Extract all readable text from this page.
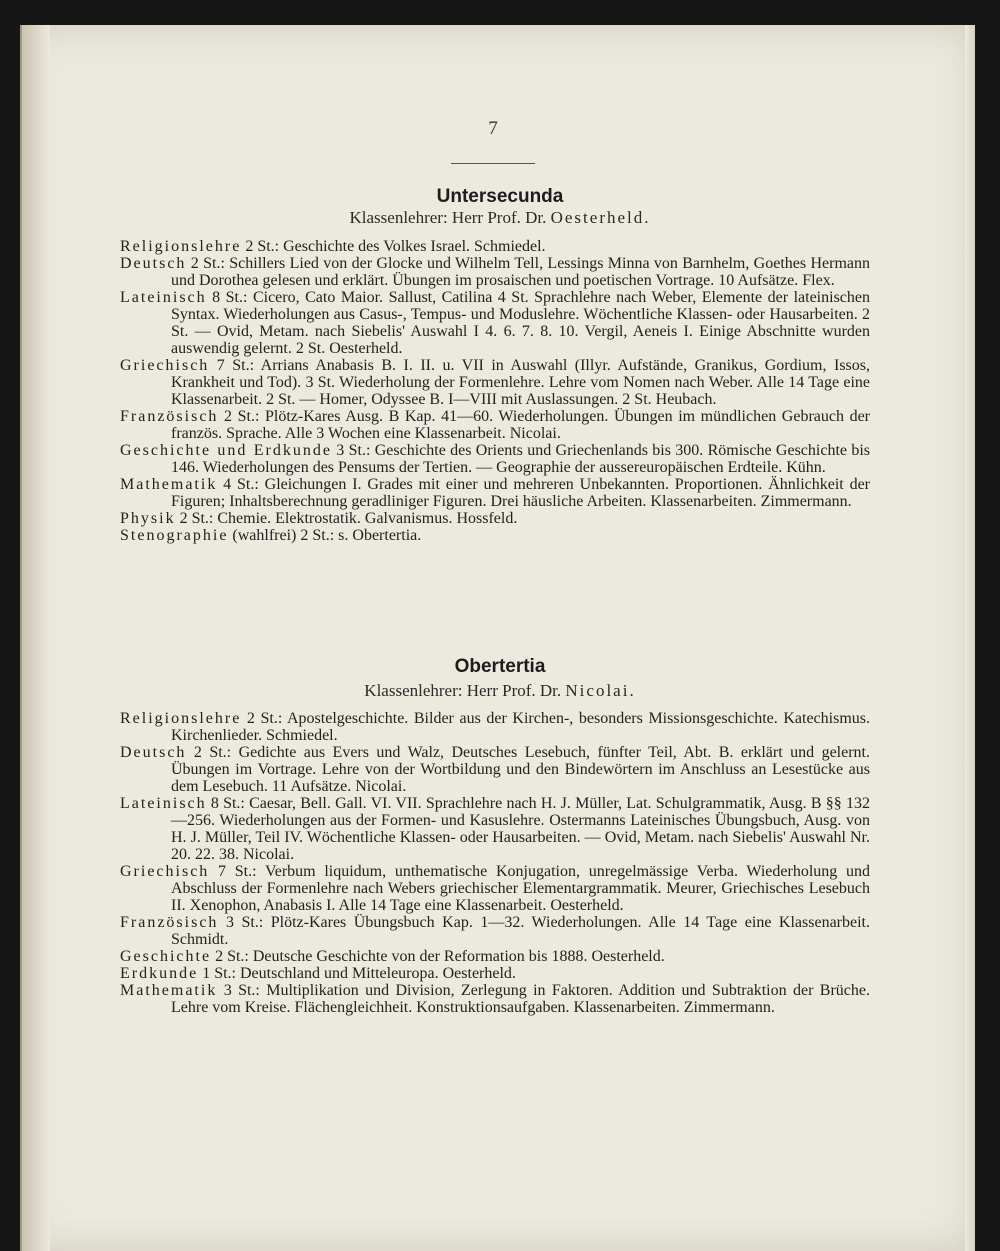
7
Untersecunda
Klassenlehrer: Herr Prof. Dr. Oesterheld.
Religionslehre 2 St.: Geschichte des Volkes Israel. Schmiedel.
Deutsch 2 St.: Schillers Lied von der Glocke und Wilhelm Tell, Lessings Minna von Barnhelm, Goethes Hermann und Dorothea gelesen und erklärt. Übungen im prosaischen und poetischen Vortrage. 10 Aufsätze. Flex.
Lateinisch 8 St.: Cicero, Cato Maior. Sallust, Catilina 4 St. Sprachlehre nach Weber, Elemente der lateinischen Syntax. Wiederholungen aus Casus-, Tempus- und Moduslehre. Wöchentliche Klassen- oder Hausarbeiten. 2 St. — Ovid, Metam. nach Siebelis' Auswahl I 4. 6. 7. 8. 10. Vergil, Aeneis I. Einige Abschnitte wurden auswendig gelernt. 2 St. Oesterheld.
Griechisch 7 St.: Arrians Anabasis B. I. II. u. VII in Auswahl (Illyr. Aufstände, Granikus, Gordium, Issos, Krankheit und Tod). 3 St. Wiederholung der Formenlehre. Lehre vom Nomen nach Weber. Alle 14 Tage eine Klassenarbeit. 2 St. — Homer, Odyssee B. I—VIII mit Auslassungen. 2 St. Heubach.
Französisch 2 St.: Plötz-Kares Ausg. B Kap. 41—60. Wiederholungen. Übungen im mündlichen Gebrauch der französ. Sprache. Alle 3 Wochen eine Klassenarbeit. Nicolai.
Geschichte und Erdkunde 3 St.: Geschichte des Orients und Griechenlands bis 300. Römische Geschichte bis 146. Wiederholungen des Pensums der Tertien. — Geographie der aussereuropäischen Erdteile. Kühn.
Mathematik 4 St.: Gleichungen I. Grades mit einer und mehreren Unbekannten. Proportionen. Ähnlichkeit der Figuren; Inhaltsberechnung geradliniger Figuren. Drei häusliche Arbeiten. Klassenarbeiten. Zimmermann.
Physik 2 St.: Chemie. Elektrostatik. Galvanismus. Hossfeld.
Stenographie (wahlfrei) 2 St.: s. Obertertia.
Obertertia
Klassenlehrer: Herr Prof. Dr. Nicolai.
Religionslehre 2 St.: Apostelgeschichte. Bilder aus der Kirchen-, besonders Missionsgeschichte. Katechismus. Kirchenlieder. Schmiedel.
Deutsch 2 St.: Gedichte aus Evers und Walz, Deutsches Lesebuch, fünfter Teil, Abt. B. erklärt und gelernt. Übungen im Vortrage. Lehre von der Wortbildung und den Bindewörtern im Anschluss an Lesestücke aus dem Lesebuch. 11 Aufsätze. Nicolai.
Lateinisch 8 St.: Caesar, Bell. Gall. VI. VII. Sprachlehre nach H. J. Müller, Lat. Schulgrammatik, Ausg. B §§ 132—256. Wiederholungen aus der Formen- und Kasuslehre. Ostermanns Lateinisches Übungsbuch, Ausg. von H. J. Müller, Teil IV. Wöchentliche Klassen- oder Hausarbeiten. — Ovid, Metam. nach Siebelis' Auswahl Nr. 20. 22. 38. Nicolai.
Griechisch 7 St.: Verbum liquidum, unthematische Konjugation, unregelmässige Verba. Wiederholung und Abschluss der Formenlehre nach Webers griechischer Elementargrammatik. Meurer, Griechisches Lesebuch II. Xenophon, Anabasis I. Alle 14 Tage eine Klassenarbeit. Oesterheld.
Französisch 3 St.: Plötz-Kares Übungsbuch Kap. 1—32. Wiederholungen. Alle 14 Tage eine Klassenarbeit. Schmidt.
Geschichte 2 St.: Deutsche Geschichte von der Reformation bis 1888. Oesterheld.
Erdkunde 1 St.: Deutschland und Mitteleuropa. Oesterheld.
Mathematik 3 St.: Multiplikation und Division, Zerlegung in Faktoren. Addition und Subtraktion der Brüche. Lehre vom Kreise. Flächengleichheit. Konstruktionsaufgaben. Klassenarbeiten. Zimmermann.
